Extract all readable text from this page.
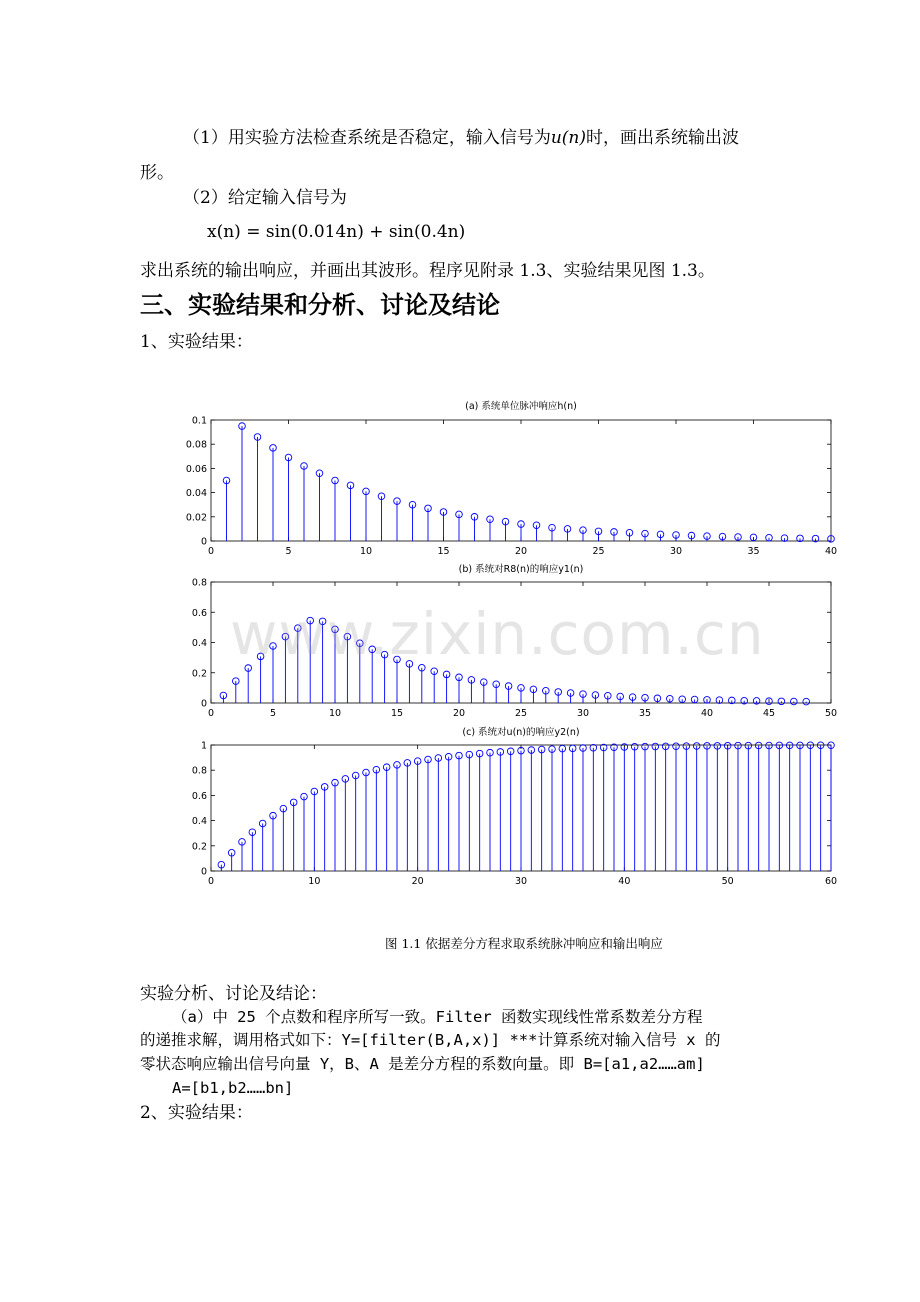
（1）用实验方法检查系统是否稳定，输入信号为u(n)时，画出系统输出波
形。
（2）给定输入信号为
x(n) = sin(0.014n) + sin(0.4n)
求出系统的输出响应，并画出其波形。程序见附录 1.3、实验结果见图 1.3。
三、实验结果和分析、讨论及结论
1、实验结果：
(a) 系统单位脉冲响应h(n)
0	5	10	15	20	25	30	35	40
0
0.02
0.04
0.06
0.08
0.1
(b) 系统对R8(n)的响应y1(n)
0	5	10	15	20	25	30	35	40	45	50
0
0.2
0.4
0.6
0.8
(c) 系统对u(n)的响应y2(n)
0	10	20	30	40	50	60
0
0.2
0.4
0.6
0.8
1
www.zixin.com.cn
图 1.1 依据差分方程求取系统脉冲响应和输出响应
实验分析、讨论及结论：
（a）中 25 个点数和程序所写一致。Filter 函数实现线性常系数差分方程
的递推求解，调用格式如下：Y=[filter(B,A,x)] ***计算系统对输入信号 x 的
零状态响应输出信号向量 Y，B、A 是差分方程的系数向量。即 B=[a1,a2……am]
A=[b1,b2……bn]
2、实验结果：
